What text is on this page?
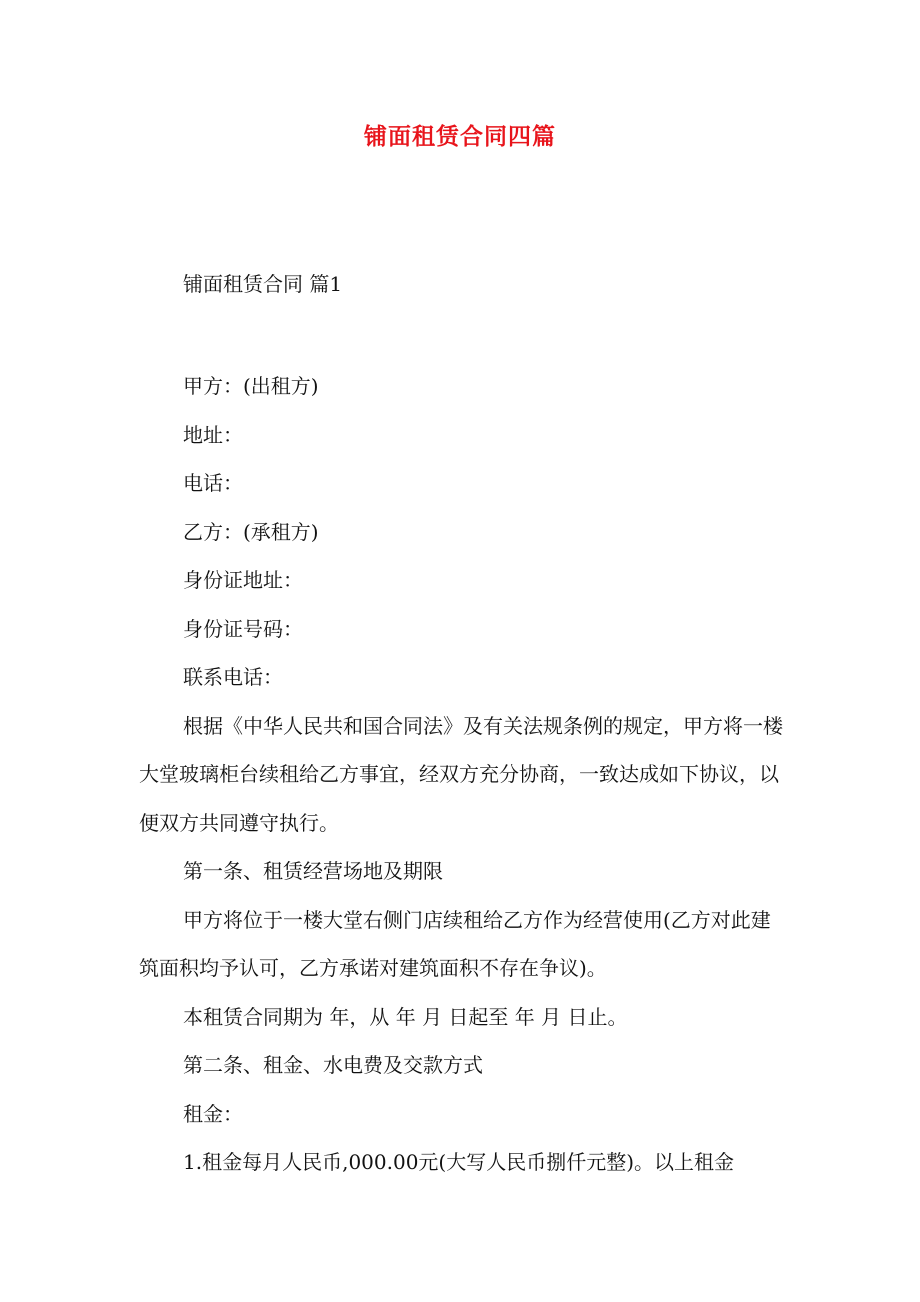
铺面租赁合同四篇
铺面租赁合同 篇1

甲方：(出租方)

地址：

电话：

乙方：(承租方)

身份证地址：

身份证号码：

联系电话：

根据《中华人民共和国合同法》及有关法规条例的规定，甲方将一楼大堂玻璃柜台续租给乙方事宜，经双方充分协商，一致达成如下协议，以便双方共同遵守执行。

第一条、租赁经营场地及期限

甲方将位于一楼大堂右侧门店续租给乙方作为经营使用(乙方对此建筑面积均予认可，乙方承诺对建筑面积不存在争议)。

本租赁合同期为 年，从 年 月 日起至 年 月 日止。

第二条、租金、水电费及交款方式

租金：

1.租金每月人民币,000.00元(大写人民币捌仟元整)。以上租金
